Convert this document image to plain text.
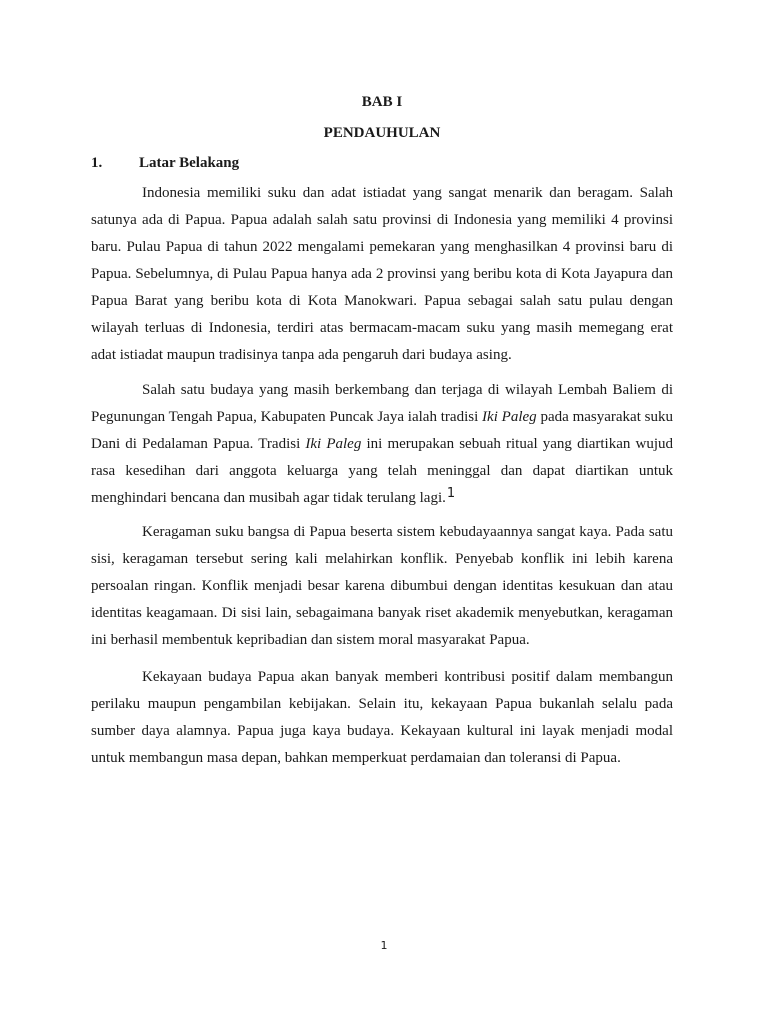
BAB I

PENDAUHULAN

1.	Latar Belakang

Indonesia memiliki suku dan adat istiadat yang sangat menarik dan beragam. Salah satunya ada di Papua. Papua adalah salah satu provinsi di Indonesia yang memiliki 4 provinsi baru. Pulau Papua di tahun 2022 mengalami pemekaran yang menghasilkan 4 provinsi baru di Papua. Sebelumnya, di Pulau Papua hanya ada 2 provinsi yang beribu kota di Kota Jayapura dan Papua Barat yang beribu kota di Kota Manokwari. Papua sebagai salah satu pulau dengan wilayah terluas di Indonesia, terdiri atas bermacam-macam suku yang masih memegang erat adat istiadat maupun tradisinya tanpa ada pengaruh dari budaya asing.

Salah satu budaya yang masih berkembang dan terjaga di wilayah Lembah Baliem di Pegunungan Tengah Papua, Kabupaten Puncak Jaya ialah tradisi Iki Paleg pada masyarakat suku Dani di Pedalaman Papua. Tradisi Iki Paleg ini merupakan sebuah ritual yang diartikan wujud rasa kesedihan dari anggota keluarga yang telah meninggal dan dapat diartikan untuk menghindari bencana dan musibah agar tidak terulang lagi.1

Keragaman suku bangsa di Papua beserta sistem kebudayaannya sangat kaya. Pada satu sisi, keragaman tersebut sering kali melahirkan konflik. Penyebab konflik ini lebih karena persoalan ringan. Konflik menjadi besar karena dibumbui dengan identitas kesukuan dan atau identitas keagamaan. Di sisi lain, sebagaimana banyak riset akademik menyebutkan, keragaman ini berhasil membentuk kepribadian dan sistem moral masyarakat Papua.

Kekayaan budaya Papua akan banyak memberi kontribusi positif dalam membangun perilaku maupun pengambilan kebijakan. Selain itu, kekayaan Papua bukanlah selalu pada sumber daya alamnya. Papua juga kaya budaya. Kekayaan kultural ini layak menjadi modal untuk membangun masa depan, bahkan memperkuat perdamaian dan toleransi di Papua.

1
